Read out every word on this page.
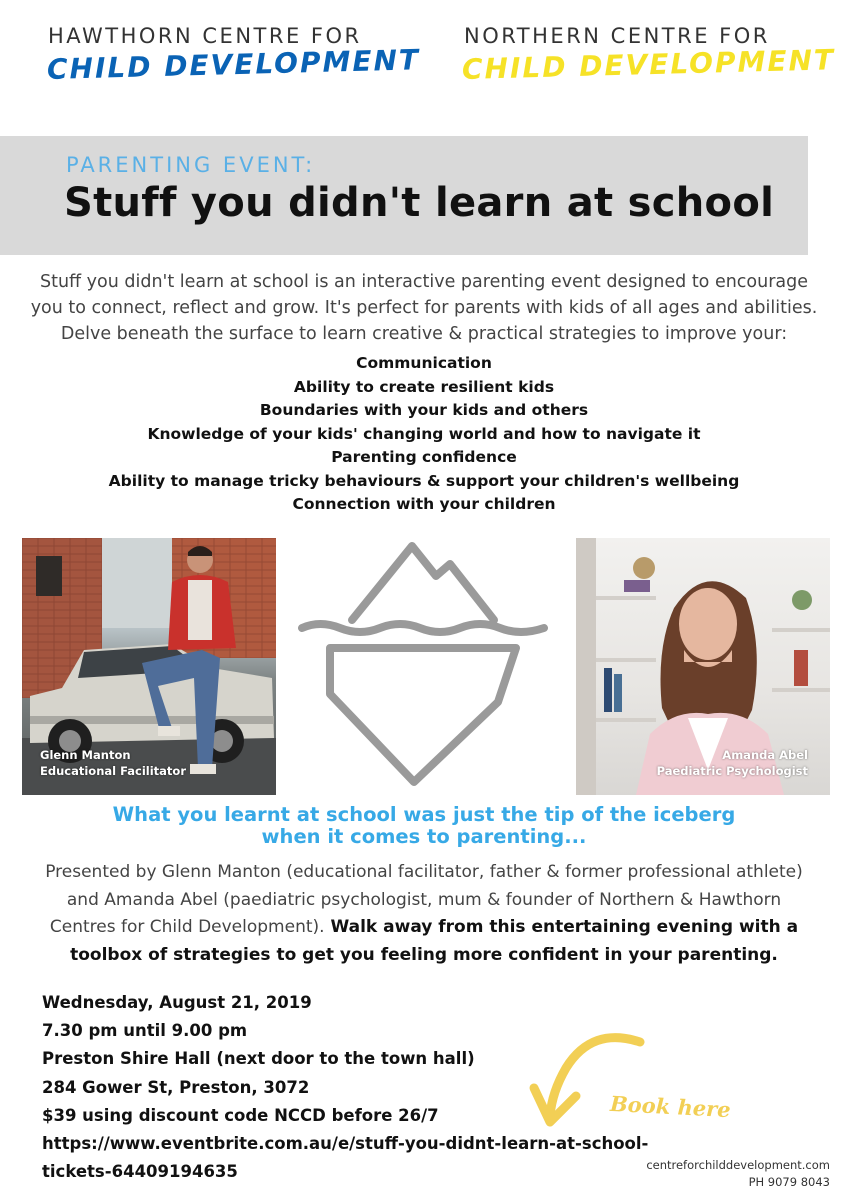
HAWTHORN CENTRE FOR
CHILD DEVELOPMENT
NORTHERN CENTRE FOR
CHILD DEVELOPMENT
PARENTING EVENT:
Stuff you didn't learn at school
Stuff you didn't learn at school is an interactive parenting event designed to encourage
you to connect, reflect and grow. It's perfect for parents with kids of all ages and abilities.
Delve beneath the surface to learn creative & practical strategies to improve your:
Communication
Ability to create resilient kids
Boundaries with your kids and others
Knowledge of your kids' changing world and how to navigate it
Parenting confidence
Ability to manage tricky behaviours & support your children's wellbeing
Connection with your children
Glenn Manton
Educational Facilitator
Amanda Abel
Paediatric Psychologist
What you learnt at school was just the tip of the iceberg
when it comes to parenting...
Presented by Glenn Manton (educational facilitator, father & former professional athlete)
and Amanda Abel (paediatric psychologist, mum & founder of Northern & Hawthorn
Centres for Child Development). Walk away from this entertaining evening with a
toolbox of strategies to get you feeling more confident in your parenting.
Wednesday, August 21, 2019
7.30 pm until 9.00 pm
Preston Shire Hall (next door to the town hall)
284 Gower St, Preston, 3072
$39 using discount code NCCD before 26/7
https://www.eventbrite.com.au/e/stuff-you-didnt-learn-at-school-
tickets-64409194635
Book here
centreforchilddevelopment.com
PH 9079 8043
